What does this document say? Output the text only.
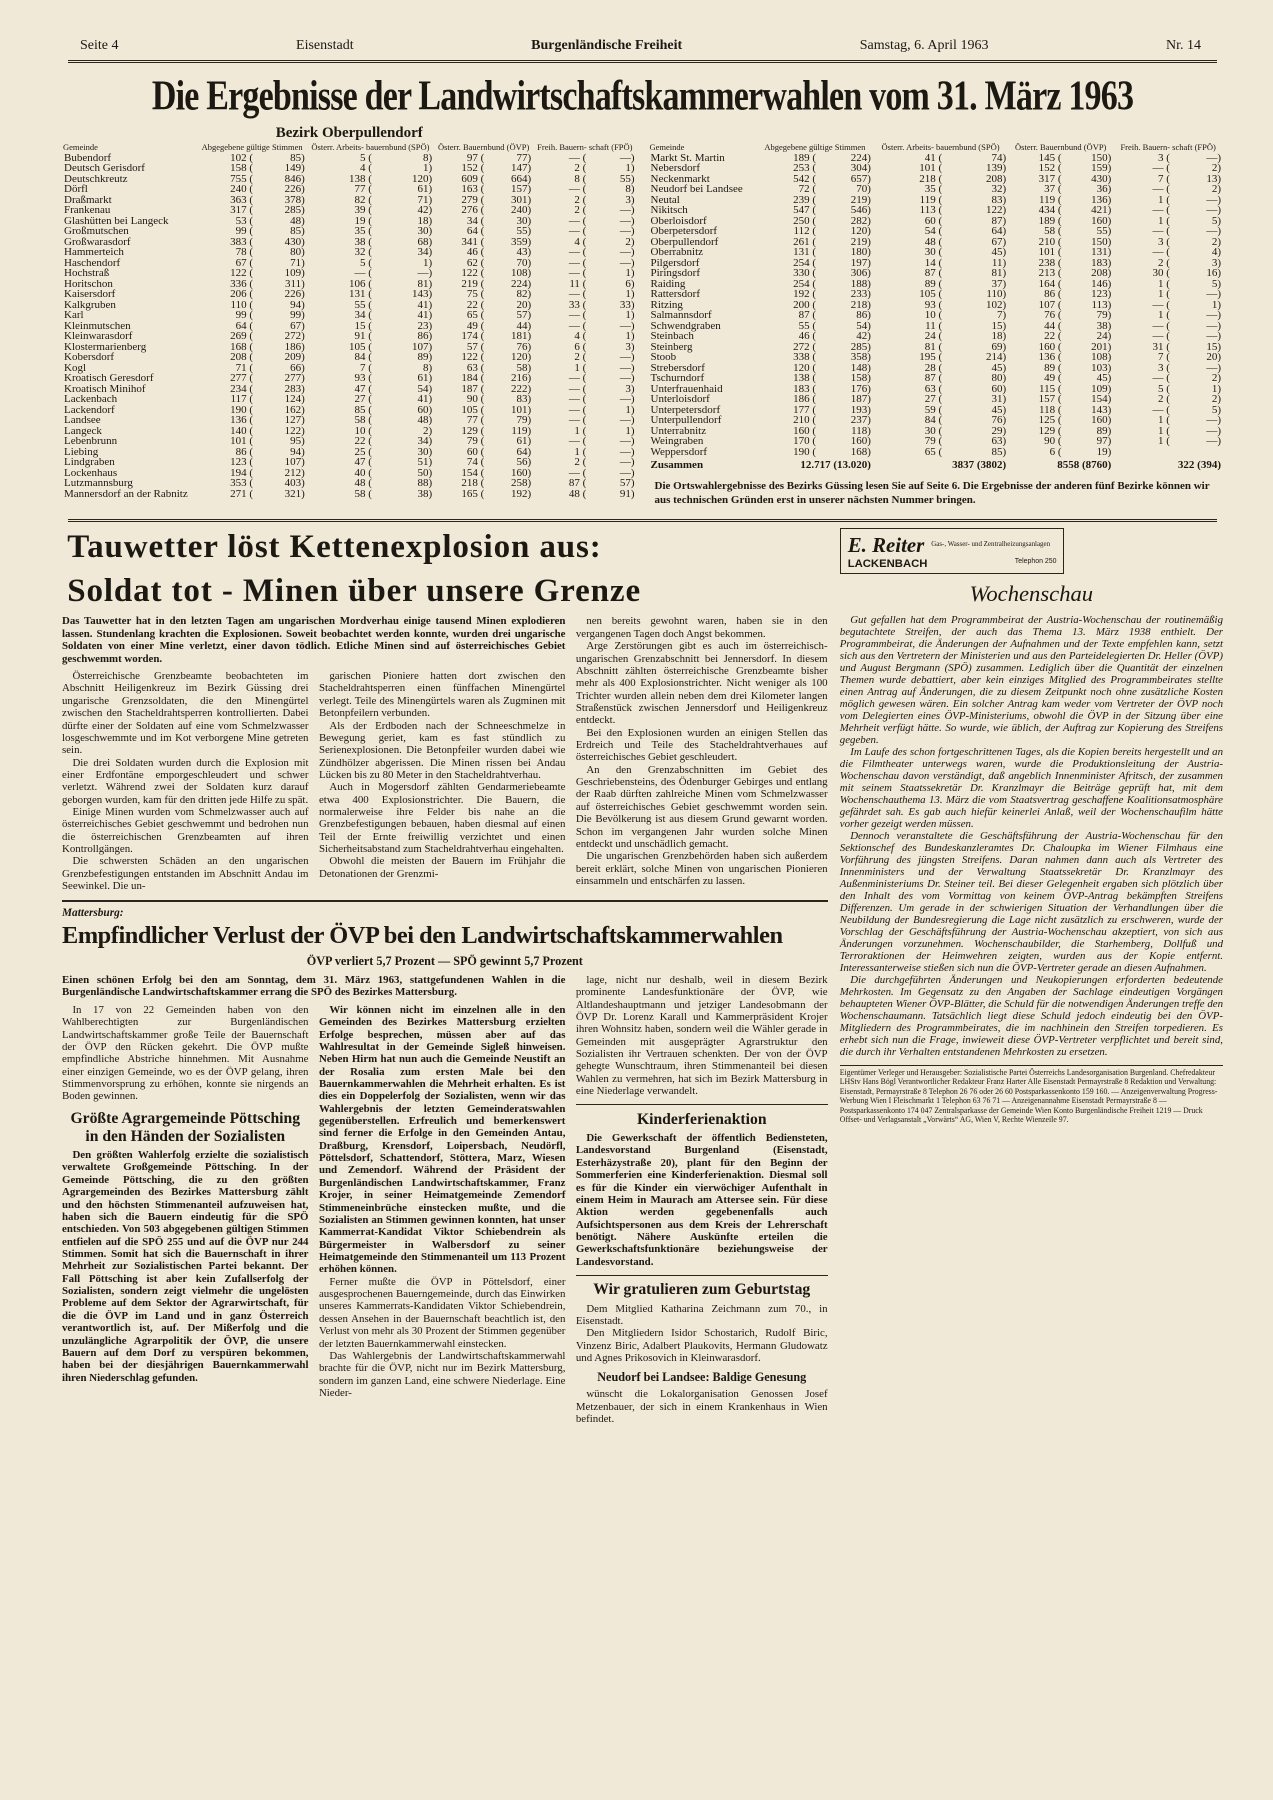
Seite 4	Eisenstadt	Burgenländische Freiheit	Samstag, 6. April 1963	Nr. 14
Die Ergebnisse der Landwirtschaftskammerwahlen vom 31. März 1963
Bezirk Oberpullendorf
Gemeinde	Abgegebene gültige Stimmen		Österr. Arbeits- bauernbund (SPÖ)		Österr. Bauernbund (ÖVP)		Freih. Bauern- schaft (FPÖ)	
Bubendorf	102 (	85)	5 (	8)	97 (	77)	— (	—)
Deutsch Gerisdorf	158 (	149)	4 (	1)	152 (	147)	2 (	1)
Deutschkreutz	755 (	846)	138 (	120)	609 (	664)	8 (	55)
Dörfl	240 (	226)	77 (	61)	163 (	157)	— (	8)
Draßmarkt	363 (	378)	82 (	71)	279 (	301)	2 (	3)
Frankenau	317 (	285)	39 (	42)	276 (	240)	2 (	—)
Glashütten bei Langeck	53 (	48)	19 (	18)	34 (	30)	— (	—)
Großmutschen	99 (	85)	35 (	30)	64 (	55)	— (	—)
Großwarasdorf	383 (	430)	38 (	68)	341 (	359)	4 (	2)
Hammerteich	78 (	80)	32 (	34)	46 (	43)	— (	—)
Haschendorf	67 (	71)	5 (	1)	62 (	70)	— (	—)
Hochstraß	122 (	109)	— (	—)	122 (	108)	— (	1)
Horitschon	336 (	311)	106 (	81)	219 (	224)	11 (	6)
Kaisersdorf	206 (	226)	131 (	143)	75 (	82)	— (	1)
Kalkgruben	110 (	94)	55 (	41)	22 (	20)	33 (	33)
Karl	99 (	99)	34 (	41)	65 (	57)	— (	1)
Kleinmutschen	64 (	67)	15 (	23)	49 (	44)	— (	—)
Kleinwarasdorf	269 (	272)	91 (	86)	174 (	181)	4 (	1)
Klostermarienberg	168 (	186)	105 (	107)	57 (	76)	6 (	3)
Kobersdorf	208 (	209)	84 (	89)	122 (	120)	2 (	—)
Kogl	71 (	66)	7 (	8)	63 (	58)	1 (	—)
Kroatisch Geresdorf	277 (	277)	93 (	61)	184 (	216)	— (	—)
Kroatisch Minihof	234 (	283)	47 (	54)	187 (	222)	— (	3)
Lackenbach	117 (	124)	27 (	41)	90 (	83)	— (	—)
Lackendorf	190 (	162)	85 (	60)	105 (	101)	— (	1)
Landsee	136 (	127)	58 (	48)	77 (	79)	— (	—)
Langeck	140 (	122)	10 (	2)	129 (	119)	1 (	1)
Lebenbrunn	101 (	95)	22 (	34)	79 (	61)	— (	—)
Liebing	86 (	94)	25 (	30)	60 (	64)	1 (	—)
Lindgraben	123 (	107)	47 (	51)	74 (	56)	2 (	—)
Lockenhaus	194 (	212)	40 (	50)	154 (	160)	— (	—)
Lutzmannsburg	353 (	403)	48 (	88)	218 (	258)	87 (	57)
Mannersdorf an der Rabnitz	271 (	321)	58 (	38)	165 (	192)	48 (	91)
Gemeinde	Abgegebene gültige Stimmen		Österr. Arbeits- bauernbund (SPÖ)		Österr. Bauernbund (ÖVP)		Freih. Bauern- schaft (FPÖ)	
Markt St. Martin	189 (	224)	41 (	74)	145 (	150)	3 (	—)
Nebersdorf	253 (	304)	101 (	139)	152 (	159)	— (	2)
Neckenmarkt	542 (	657)	218 (	208)	317 (	430)	7 (	13)
Neudorf bei Landsee	72 (	70)	35 (	32)	37 (	36)	— (	2)
Neutal	239 (	219)	119 (	83)	119 (	136)	1 (	—)
Nikitsch	547 (	546)	113 (	122)	434 (	421)	— (	—)
Oberloisdorf	250 (	282)	60 (	87)	189 (	160)	1 (	5)
Oberpetersdorf	112 (	120)	54 (	64)	58 (	55)	— (	—)
Oberpullendorf	261 (	219)	48 (	67)	210 (	150)	3 (	2)
Oberrabnitz	131 (	180)	30 (	45)	101 (	131)	— (	4)
Pilgersdorf	254 (	197)	14 (	11)	238 (	183)	2 (	3)
Piringsdorf	330 (	306)	87 (	81)	213 (	208)	30 (	16)
Raiding	254 (	188)	89 (	37)	164 (	146)	1 (	5)
Rattersdorf	192 (	233)	105 (	110)	86 (	123)	1 (	—)
Ritzing	200 (	218)	93 (	102)	107 (	113)	— (	1)
Salmannsdorf	87 (	86)	10 (	7)	76 (	79)	1 (	—)
Schwendgraben	55 (	54)	11 (	15)	44 (	38)	— (	—)
Steinbach	46 (	42)	24 (	18)	22 (	24)	— (	—)
Steinberg	272 (	285)	81 (	69)	160 (	201)	31 (	15)
Stoob	338 (	358)	195 (	214)	136 (	108)	7 (	20)
Strebersdorf	120 (	148)	28 (	45)	89 (	103)	3 (	—)
Tschurndorf	138 (	158)	87 (	80)	49 (	45)	— (	2)
Unterfrauenhaid	183 (	176)	63 (	60)	115 (	109)	5 (	1)
Unterloisdorf	186 (	187)	27 (	31)	157 (	154)	2 (	2)
Unterpetersdorf	177 (	193)	59 (	45)	118 (	143)	— (	5)
Unterpullendorf	210 (	237)	84 (	76)	125 (	160)	1 (	—)
Unterrabnitz	160 (	118)	30 (	29)	129 (	89)	1 (	—)
Weingraben	170 (	160)	79 (	63)	90 (	97)	1 (	—)
Weppersdorf	190 (	168)	65 (	85)	6 (	19)		
Zusammen	12.717 (13.020)		3837 (3802)		8558 (8760)		322 (394)	
Die Ortswahlergebnisse des Bezirks Güssing lesen Sie auf Seite 6. Die Ergebnisse der anderen fünf Bezirke können wir aus technischen Gründen erst in unserer nächsten Nummer bringen.
Tauwetter löst Kettenexplosion aus:
Soldat tot - Minen über unsere Grenze
Das Tauwetter hat in den letzten Tagen am ungarischen Mordverhau einige tausend Minen explodieren lassen. Stundenlang krachten die Explosionen. Soweit beobachtet werden konnte, wurden drei ungarische Soldaten von einer Mine verletzt, einer davon tödlich. Etliche Minen sind auf österreichisches Gebiet geschwemmt worden.

Österreichische Grenzbeamte beobachteten im Abschnitt Heiligenkreuz im Bezirk Güssing drei ungarische Grenzsoldaten, die den Minengürtel zwischen den Stacheldrahtsperren kontrollierten. Dabei dürfte einer der Soldaten auf eine vom Schmelzwasser losgeschwemmte und im Kot verborgene Mine getreten sein.

Die drei Soldaten wurden durch die Explosion mit einer Erdfontäne emporgeschleudert und schwer verletzt. Während zwei der Soldaten kurz darauf geborgen wurden, kam für den dritten jede Hilfe zu spät.

Einige Minen wurden vom Schmelzwasser auch auf österreichisches Gebiet geschwemmt und bedrohen nun die österreichischen Grenzbeamten auf ihren Kontrollgängen.

Die schwersten Schäden an den ungarischen Grenzbefestigungen entstanden im Abschnitt Andau im Seewinkel. Die un-

garischen Pioniere hatten dort zwischen den Stacheldrahtsperren einen fünffachen Minengürtel verlegt. Teile des Minengürtels waren als Zugminen mit Betonpfeilern verbunden.

Als der Erdboden nach der Schneeschmelze in Bewegung geriet, kam es fast stündlich zu Serienexplosionen. Die Betonpfeiler wurden dabei wie Zündhölzer abgerissen. Die Minen rissen bei Andau Lücken bis zu 80 Meter in den Stacheldrahtverhau.

Auch in Mogersdorf zählten Gendarmeriebeamte etwa 400 Explosionstrichter. Die Bauern, die normalerweise ihre Felder bis nahe an die Grenzbefestigungen bebauen, haben diesmal auf einen Teil der Ernte freiwillig verzichtet und einen Sicherheitsabstand zum Stacheldrahtverhau eingehalten.

Obwohl die meisten der Bauern im Frühjahr die Detonationen der Grenzmi-

nen bereits gewohnt waren, haben sie in den vergangenen Tagen doch Angst bekommen.

Arge Zerstörungen gibt es auch im österreichisch-ungarischen Grenzabschnitt bei Jennersdorf. In diesem Abschnitt zählten österreichische Grenzbeamte bisher mehr als 400 Explosionstrichter. Nicht weniger als 100 Trichter wurden allein neben dem drei Kilometer langen Straßenstück zwischen Jennersdorf und Heiligenkreuz entdeckt.

Bei den Explosionen wurden an einigen Stellen das Erdreich und Teile des Stacheldrahtverhaues auf österreichisches Gebiet geschleudert.

An den Grenzabschnitten im Gebiet des Geschriebensteins, des Ödenburger Gebirges und entlang der Raab dürften zahlreiche Minen vom Schmelzwasser auf österreichisches Gebiet geschwemmt worden sein. Die Bevölkerung ist aus diesem Grund gewarnt worden. Schon im vergangenen Jahr wurden solche Minen entdeckt und unschädlich gemacht.

Die ungarischen Grenzbehörden haben sich außerdem bereit erklärt, solche Minen von ungarischen Pionieren einsammeln und entschärfen zu lassen.

Mattersburg:
Empfindlicher Verlust der ÖVP bei den Landwirtschaftskammerwahlen
ÖVP verliert 5,7 Prozent — SPÖ gewinnt 5,7 Prozent
Einen schönen Erfolg bei den am Sonntag, dem 31. März 1963, stattgefundenen Wahlen in die Burgenländische Landwirtschaftskammer errang die SPÖ des Bezirkes Mattersburg.

In 17 von 22 Gemeinden haben von den Wahlberechtigten zur Burgenländischen Landwirtschaftskammer große Teile der Bauernschaft der ÖVP den Rücken gekehrt. Die ÖVP mußte empfindliche Abstriche hinnehmen. Mit Ausnahme einer einzigen Gemeinde, wo es der ÖVP gelang, ihren Stimmenvorsprung zu erhöhen, konnte sie nirgends an Boden gewinnen.

Größte Agrargemeinde Pöttsching in den Händen der Sozialisten

Den größten Wahlerfolg erzielte die sozialistisch verwaltete Großgemeinde Pöttsching. In der Gemeinde Pöttsching, die zu den größten Agrargemeinden des Bezirkes Mattersburg zählt und den höchsten Stimmenanteil aufzuweisen hat, haben sich die Bauern eindeutig für die SPÖ entschieden. Von 503 abgegebenen gültigen Stimmen entfielen auf die SPÖ 255 und auf die ÖVP nur 244 Stimmen. Somit hat sich die Bauernschaft in ihrer Mehrheit zur Sozialistischen Partei bekannt. Der Fall Pöttsching ist aber kein Zufallserfolg der Sozialisten, sondern zeigt vielmehr die ungelösten Probleme auf dem Sektor der Agrarwirtschaft, für die die ÖVP im Land und in ganz Österreich verantwortlich ist, auf. Der Mißerfolg und die unzulängliche Agrarpolitik der ÖVP, die unsere Bauern auf dem Dorf zu verspüren bekommen, haben bei der diesjährigen Bauernkammerwahl ihren Niederschlag gefunden.

Wir können nicht im einzelnen alle in den Gemeinden des Bezirkes Mattersburg erzielten Erfolge besprechen, müssen aber auf das Wahlresultat in der Gemeinde Sigleß hinweisen. Neben Hirm hat nun auch die Gemeinde Neustift an der Rosalia zum ersten Male bei den Bauernkammerwahlen die Mehrheit erhalten. Es ist dies ein Doppelerfolg der Sozialisten, wenn wir das Wahlergebnis der letzten Gemeinderatswahlen gegenüberstellen. Erfreulich und bemerkenswert sind ferner die Erfolge in den Gemeinden Antau, Draßburg, Krensdorf, Loipersbach, Neudörfl, Pöttelsdorf, Schattendorf, Stöttera, Marz, Wiesen und Zemendorf. Während der Präsident der Burgenländischen Landwirtschaftskammer, Franz Krojer, in seiner Heimatgemeinde Zemendorf Stimmeneinbrüche einstecken mußte, und die Sozialisten an Stimmen gewinnen konnten, hat unser Kammerrat-Kandidat Viktor Schiebendrein als Bürgermeister in Walbersdorf zu seiner Heimatgemeinde den Stimmenanteil um 113 Prozent erhöhen können.

Ferner mußte die ÖVP in Pöttelsdorf, einer ausgesprochenen Bauerngemeinde, durch das Einwirken unseres Kammerrats-Kandidaten Viktor Schiebendrein, dessen Ansehen in der Bauernschaft beachtlich ist, den Verlust von mehr als 30 Prozent der Stimmen gegenüber der letzten Bauernkammerwahl einstecken.

Das Wahlergebnis der Landwirtschaftskammerwahl brachte für die ÖVP, nicht nur im Bezirk Mattersburg, sondern im ganzen Land, eine schwere Niederlage. Eine Nieder-

lage, nicht nur deshalb, weil in diesem Bezirk prominente Landesfunktionäre der ÖVP, wie Altlandeshauptmann und jetziger Landesobmann der ÖVP Dr. Lorenz Karall und Kammerpräsident Krojer ihren Wohnsitz haben, sondern weil die Wähler gerade in Gemeinden mit ausgeprägter Agrarstruktur den Sozialisten ihr Vertrauen schenkten. Der von der ÖVP gehegte Wunschtraum, ihren Stimmenanteil bei diesen Wahlen zu vermehren, hat sich im Bezirk Mattersburg in eine Niederlage verwandelt.

Kinderferienaktion

Die Gewerkschaft der öffentlich Bediensteten, Landesvorstand Burgenland (Eisenstadt, Esterhäzystraße 20), plant für den Beginn der Sommerferien eine Kinderferienaktion. Diesmal soll es für die Kinder ein vierwöchiger Aufenthalt in einem Heim in Maurach am Attersee sein. Für diese Aktion werden gegebenenfalls auch Aufsichtspersonen aus dem Kreis der Lehrerschaft benötigt. Nähere Auskünfte erteilen die Gewerkschaftsfunktionäre beziehungsweise der Landesvorstand.

Wir gratulieren zum Geburtstag

Dem Mitglied Katharina Zeichmann zum 70., in Eisenstadt.

Den Mitgliedern Isidor Schostarich, Rudolf Biric, Vinzenz Biric, Adalbert Plaukovits, Hermann Gludowatz und Agnes Prikosovich in Kleinwarasdorf.

Neudorf bei Landsee: Baldige Genesung

wünscht die Lokalorganisation Genossen Josef Metzenbauer, der sich in einem Krankenhaus in Wien befindet.

E. Reiter Gas-, Wasser- und Zentralheizungsanlagen
LACKENBACH	Telephon 250
Wochenschau

Gut gefallen hat dem Programmbeirat der Austria-Wochenschau der routinemäßig begutachtete Streifen, der auch das Thema 13. März 1938 enthielt. Der Programmbeirat, die Änderungen der Aufnahmen und der Texte empfehlen kann, setzt sich aus den Vertretern der Ministerien und aus den Parteidelegierten Dr. Heller (ÖVP) und August Bergmann (SPÖ) zusammen. Lediglich über die Quantität der einzelnen Themen wurde debattiert, aber kein einziges Mitglied des Programmbeirates stellte einen Antrag auf Änderungen, die zu diesem Zeitpunkt noch ohne zusätzliche Kosten möglich gewesen wären. Ein solcher Antrag kam weder vom Vertreter der ÖVP noch vom Delegierten eines ÖVP-Ministeriums, obwohl die ÖVP in der Sitzung über eine Mehrheit verfügt hätte. So wurde, wie üblich, der Auftrag zur Kopierung des Streifens gegeben.

Im Laufe des schon fortgeschrittenen Tages, als die Kopien bereits hergestellt und an die Filmtheater unterwegs waren, wurde die Produktionsleitung der Austria-Wochenschau davon verständigt, daß angeblich Innenminister Afritsch, der zusammen mit seinem Staatssekretär Dr. Kranzlmayr die Beiträge geprüft hat, mit dem Wochenschauthema 13. März die vom Staatsvertrag geschaffene Koalitionsatmosphäre gefährdet sah. Es gab auch hiefür keinerlei Anlaß, weil der Wochenschaufilm hätte vorher gezeigt werden müssen.

Dennoch veranstaltete die Geschäftsführung der Austria-Wochenschau für den Sektionschef des Bundeskanzleramtes Dr. Chaloupka im Wiener Filmhaus eine Vorführung des jüngsten Streifens. Daran nahmen dann auch als Vertreter des Innenministers und der Verwaltung Staatssekretär Dr. Kranzlmayr des Außenministeriums Dr. Steiner teil. Bei dieser Gelegenheit ergaben sich plötzlich über den Inhalt des vom Vormittag von keinem ÖVP-Antrag bekämpften Streifens Differenzen. Um gerade in der schwierigen Situation der Verhandlungen über die Neubildung der Bundesregierung die Lage nicht zusätzlich zu erschweren, wurde der Vorschlag der Geschäftsführung der Austria-Wochenschau akzeptiert, von sich aus Änderungen vorzunehmen. Wochenschaubilder, die Starhemberg, Dollfuß und Terroraktionen der Heimwehren zeigten, wurden aus der Kopie entfernt. Interessanterweise stießen sich nun die ÖVP-Vertreter gerade an diesen Aufnahmen.

Die durchgeführten Änderungen und Neukopierungen erforderten bedeutende Mehrkosten. Im Gegensatz zu den Angaben der Sachlage eindeutigen Vorgängen behaupteten Wiener ÖVP-Blätter, die Schuld für die notwendigen Änderungen treffe den Wochenschaumann. Tatsächlich liegt diese Schuld jedoch eindeutig bei den ÖVP-Mitgliedern des Programmbeirates, die im nachhinein den Streifen torpedieren. Es erhebt sich nun die Frage, inwieweit diese ÖVP-Vertreter verpflichtet und bereit sind, die durch ihr Verhalten entstandenen Mehrkosten zu ersetzen.

Eigentümer Verleger und Herausgeber: Sozialistische Partei Österreichs Landesorganisation Burgenland. Chefredakteur LHStv Hans Bögl Verantwortlicher Redakteur Franz Harter Alle Eisenstadt Permayrstraße 8 Redaktion und Verwaltung: Eisenstadt, Permayrstraße 8 Telephon 26 76 oder 26 60 Postsparkassenkonto 159 160. — Anzeigenverwaltung Progress-Werbung Wien I Fleischmarkt 1 Telephon 63 76 71 — Anzeigenannahme Eisenstadt Permayrstraße 8 — Postsparkassenkonto 174 047 Zentralsparkasse der Gemeinde Wien Konto Burgenländische Freiheit 1219 — Druck Offset- und Verlagsanstalt „Vorwärts“ AG, Wien V, Rechte Wienzeile 97.
